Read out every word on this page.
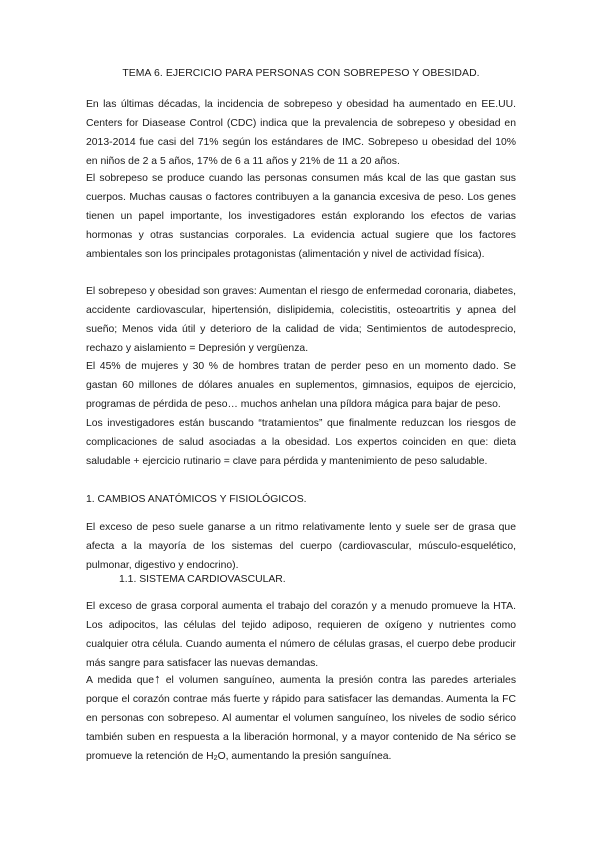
TEMA 6. EJERCICIO PARA PERSONAS CON SOBREPESO Y OBESIDAD.

En las últimas décadas, la incidencia de sobrepeso y obesidad ha aumentado en EE.UU. Centers for Diasease Control (CDC) indica que la prevalencia de sobrepeso y obesidad en 2013-2014 fue casi del 71% según los estándares de IMC. Sobrepeso u obesidad del 10% en niños de 2 a 5 años, 17% de 6 a 11 años y 21% de 11 a 20 años.

El sobrepeso se produce cuando las personas consumen más kcal de las que gastan sus cuerpos. Muchas causas o factores contribuyen a la ganancia excesiva de peso. Los genes tienen un papel importante, los investigadores están explorando los efectos de varias hormonas y otras sustancias corporales. La evidencia actual sugiere que los factores ambientales son los principales protagonistas (alimentación y nivel de actividad física).

El sobrepeso y obesidad son graves: Aumentan el riesgo de enfermedad coronaria, diabetes, accidente cardiovascular, hipertensión, dislipidemia, colecistitis, osteoartritis y apnea del sueño; Menos vida útil y deterioro de la calidad de vida; Sentimientos de autodesprecio, rechazo y aislamiento = Depresión y vergüenza.

El 45% de mujeres y 30 % de hombres tratan de perder peso en un momento dado. Se gastan 60 millones de dólares anuales en suplementos, gimnasios, equipos de ejercicio, programas de pérdida de peso… muchos anhelan una píldora mágica para bajar de peso.

Los investigadores están buscando “tratamientos” que finalmente reduzcan los riesgos de complicaciones de salud asociadas a la obesidad. Los expertos coinciden en que: dieta saludable + ejercicio rutinario = clave para pérdida y mantenimiento de peso saludable.

1. CAMBIOS ANATÓMICOS Y FISIOLÓGICOS.

El exceso de peso suele ganarse a un ritmo relativamente lento y suele ser de grasa que afecta a la mayoría de los sistemas del cuerpo (cardiovascular, músculo-esquelético, pulmonar, digestivo y endocrino).

1.1. SISTEMA CARDIOVASCULAR.

El exceso de grasa corporal aumenta el trabajo del corazón y a menudo promueve la HTA. Los adipocitos, las células del tejido adiposo, requieren de oxígeno y nutrientes como cualquier otra célula. Cuando aumenta el número de células grasas, el cuerpo debe producir más sangre para satisfacer las nuevas demandas.

A medida que↑ el volumen sanguíneo, aumenta la presión contra las paredes arteriales porque el corazón contrae más fuerte y rápido para satisfacer las demandas. Aumenta la FC en personas con sobrepeso. Al aumentar el volumen sanguíneo, los niveles de sodio sérico también suben en respuesta a la liberación hormonal, y a mayor contenido de Na sérico se promueve la retención de H2O, aumentando la presión sanguínea.
